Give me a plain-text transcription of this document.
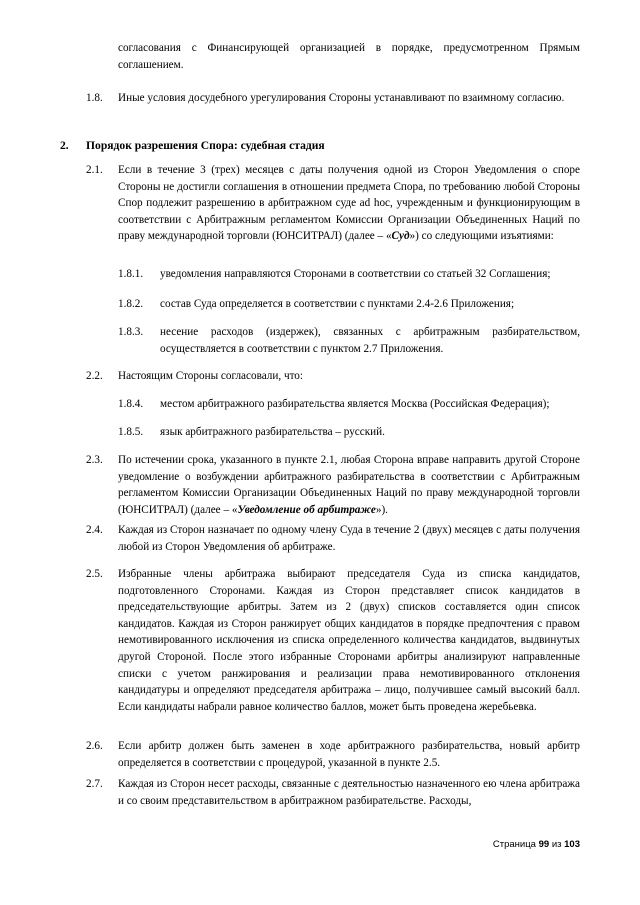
согласования с Финансирующей организацией в порядке, предусмотренном Прямым соглашением.
1.8. Иные условия досудебного урегулирования Стороны устанавливают по взаимному согласию.
2. Порядок разрешения Спора: судебная стадия
2.1. Если в течение 3 (трех) месяцев с даты получения одной из Сторон Уведомления о споре Стороны не достигли соглашения в отношении предмета Спора, по требованию любой Стороны Спор подлежит разрешению в арбитражном суде ad hoc, учрежденным и функционирующим в соответствии с Арбитражным регламентом Комиссии Организации Объединенных Наций по праву международной торговли (ЮНСИТРАЛ) (далее – «Суд») со следующими изъятиями:
1.8.1. уведомления направляются Сторонами в соответствии со статьей 32 Соглашения;
1.8.2. состав Суда определяется в соответствии с пунктами 2.4-2.6 Приложения;
1.8.3. несение расходов (издержек), связанных с арбитражным разбирательством, осуществляется в соответствии с пунктом 2.7 Приложения.
2.2. Настоящим Стороны согласовали, что:
1.8.4. местом арбитражного разбирательства является Москва (Российская Федерация);
1.8.5. язык арбитражного разбирательства – русский.
2.3. По истечении срока, указанного в пункте 2.1, любая Сторона вправе направить другой Стороне уведомление о возбуждении арбитражного разбирательства в соответствии с Арбитражным регламентом Комиссии Организации Объединенных Наций по праву международной торговли (ЮНСИТРАЛ) (далее – «Уведомление об арбитраже»).
2.4. Каждая из Сторон назначает по одному члену Суда в течение 2 (двух) месяцев с даты получения любой из Сторон Уведомления об арбитраже.
2.5. Избранные члены арбитража выбирают председателя Суда из списка кандидатов, подготовленного Сторонами. Каждая из Сторон представляет список кандидатов в председательствующие арбитры. Затем из 2 (двух) списков составляется один список кандидатов. Каждая из Сторон ранжирует общих кандидатов в порядке предпочтения с правом немотивированного исключения из списка определенного количества кандидатов, выдвинутых другой Стороной. После этого избранные Сторонами арбитры анализируют направленные списки с учетом ранжирования и реализации права немотивированного отклонения кандидатуры и определяют председателя арбитража – лицо, получившее самый высокий балл. Если кандидаты набрали равное количество баллов, может быть проведена жеребьевка.
2.6. Если арбитр должен быть заменен в ходе арбитражного разбирательства, новый арбитр определяется в соответствии с процедурой, указанной в пункте 2.5.
2.7. Каждая из Сторон несет расходы, связанные с деятельностью назначенного ею члена арбитража и со своим представительством в арбитражном разбирательстве. Расходы,
Страница 99 из 103
